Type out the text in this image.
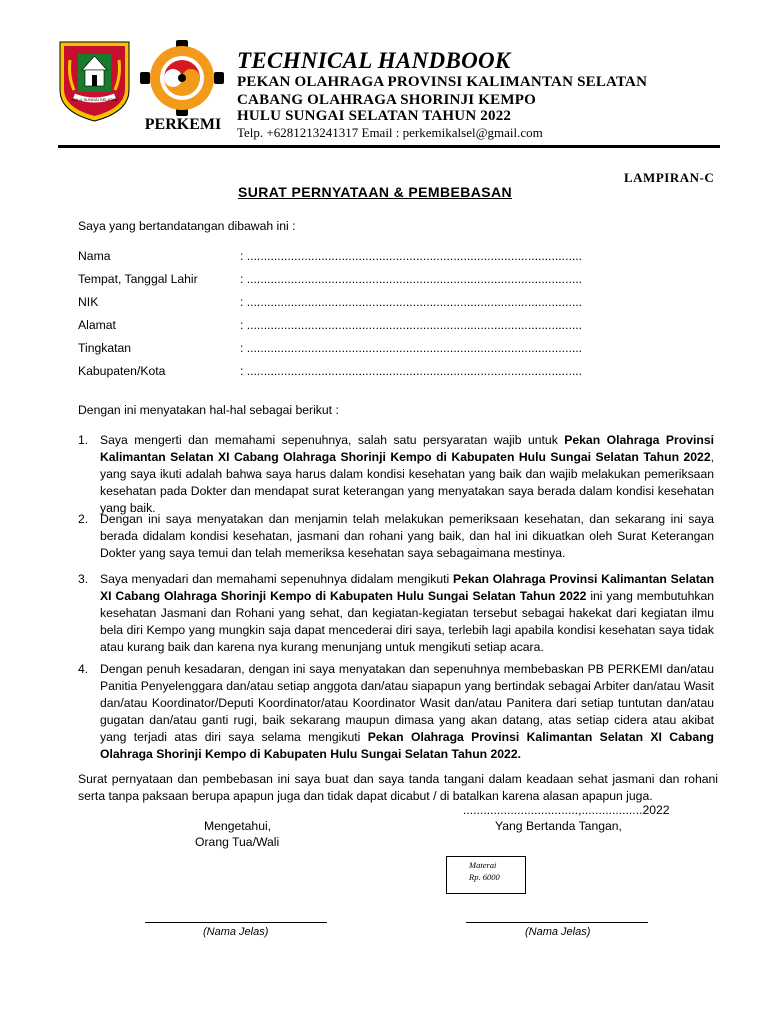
HULU SUNGAI SELATAN
PERKEMI
TECHNICAL HANDBOOK
PEKAN OLAHRAGA PROVINSI KALIMANTAN SELATAN
CABANG OLAHRAGA SHORINJI KEMPO
HULU SUNGAI SELATAN TAHUN 2022
Telp. +6281213241317 Email : perkemikalsel@gmail.com
LAMPIRAN-C
SURAT PERNYATAAN & PEMBEBASAN
Saya yang bertandatangan dibawah ini :
Nama	: ...................................................................................................
Tempat, Tanggal Lahir	: ...................................................................................................
NIK	: ...................................................................................................
Alamat	: ...................................................................................................
Tingkatan	: ...................................................................................................
Kabupaten/Kota	: ...................................................................................................
Dengan ini menyatakan hal-hal sebagai berikut :
1. Saya mengerti dan memahami sepenuhnya, salah satu persyaratan wajib untuk Pekan Olahraga Provinsi Kalimantan Selatan XI Cabang Olahraga Shorinji Kempo di Kabupaten Hulu Sungai Selatan Tahun 2022, yang saya ikuti adalah bahwa saya harus dalam kondisi kesehatan yang baik dan wajib melakukan pemeriksaan kesehatan pada Dokter dan mendapat surat keterangan yang menyatakan saya berada dalam kondisi kesehatan yang baik.
2. Dengan ini saya menyatakan dan menjamin telah melakukan pemeriksaan kesehatan, dan sekarang ini saya berada didalam kondisi kesehatan, jasmani dan rohani yang baik, dan hal ini dikuatkan oleh Surat Keterangan Dokter yang saya temui dan telah memeriksa kesehatan saya sebagaimana mestinya.
3. Saya menyadari dan memahami sepenuhnya didalam mengikuti Pekan Olahraga Provinsi Kalimantan Selatan XI Cabang Olahraga Shorinji Kempo di Kabupaten Hulu Sungai Selatan Tahun 2022 ini yang membutuhkan kesehatan Jasmani dan Rohani yang sehat, dan kegiatan-kegiatan tersebut sebagai hakekat dari kegiatan ilmu bela diri Kempo yang mungkin saja dapat mencederai diri saya, terlebih lagi apabila kondisi kesehatan saya tidak atau kurang baik dan karena nya kurang menunjang untuk mengikuti setiap acara.
4. Dengan penuh kesadaran, dengan ini saya menyatakan dan sepenuhnya membebaskan PB PERKEMI dan/atau Panitia Penyelenggara dan/atau setiap anggota dan/atau siapapun yang bertindak sebagai Arbiter dan/atau Wasit dan/atau Koordinator/Deputi Koordinator/atau Koordinator Wasit dan/atau Panitera dari setiap tuntutan dan/atau gugatan dan/atau ganti rugi, baik sekarang maupun dimasa yang akan datang, atas setiap cidera atau akibat yang terjadi atas diri saya selama mengikuti Pekan Olahraga Provinsi Kalimantan Selatan XI Cabang Olahraga Shorinji Kempo di Kabupaten Hulu Sungai Selatan Tahun 2022.
Surat pernyataan dan pembebasan ini saya buat dan saya tanda tangani dalam keadaan sehat jasmani dan rohani serta tanpa paksaan berupa apapun juga dan tidak dapat dicabut / di batalkan karena alasan apapun juga.
..................................,..................2022
Mengetahui,
Orang Tua/Wali
Yang Bertanda Tangan,
Materai
Rp. 6000
(Nama Jelas)	(Nama Jelas)
